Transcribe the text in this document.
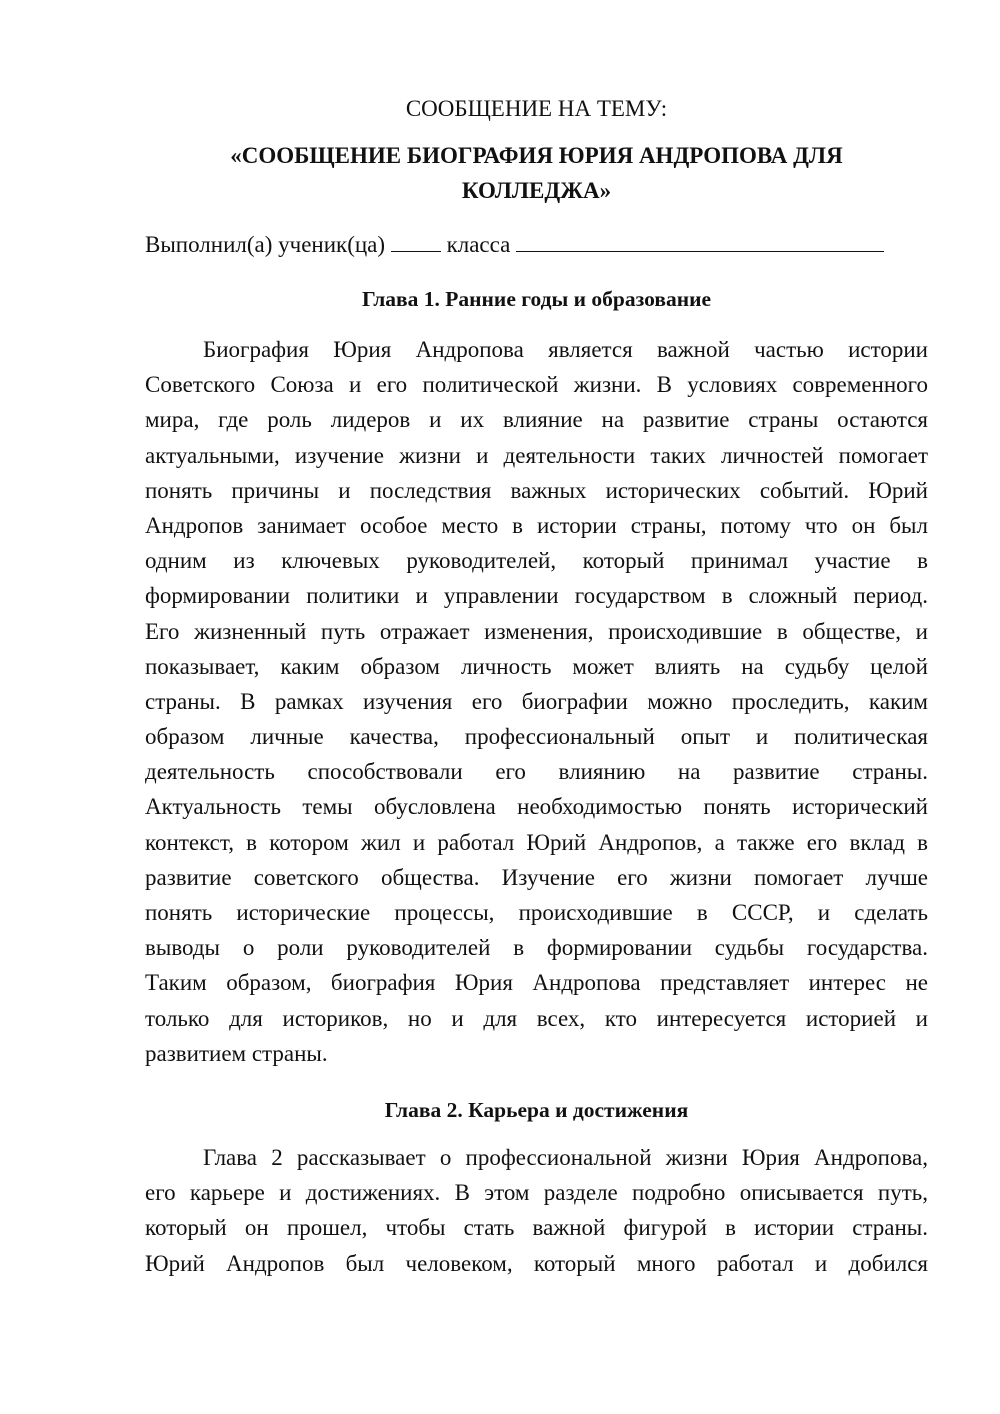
СООБЩЕНИЕ НА ТЕМУ:

«СООБЩЕНИЕ БИОГРАФИЯ ЮРИЯ АНДРОПОВА ДЛЯ
КОЛЛЕДЖА»

Выполнил(а) ученик(ца)	класса

Глава 1. Ранние годы и образование
Биография Юрия Андропова является важной частью истории
Советского Союза и его политической жизни. В условиях современного
мира, где роль лидеров и их влияние на развитие страны остаются
актуальными, изучение жизни и деятельности таких личностей помогает
понять причины и последствия важных исторических событий. Юрий
Андропов занимает особое место в истории страны, потому что он был
одним из ключевых руководителей, который принимал участие в
формировании политики и управлении государством в сложный период.
Его жизненный путь отражает изменения, происходившие в обществе, и
показывает, каким образом личность может влиять на судьбу целой
страны. В рамках изучения его биографии можно проследить, каким
образом личные качества, профессиональный опыт и политическая
деятельность способствовали его влиянию на развитие страны.
Актуальность темы обусловлена необходимостью понять исторический
контекст, в котором жил и работал Юрий Андропов, а также его вклад в
развитие советского общества. Изучение его жизни помогает лучше
понять исторические процессы, происходившие в СССР, и сделать
выводы о роли руководителей в формировании судьбы государства.
Таким образом, биография Юрия Андропова представляет интерес не
только для историков, но и для всех, кто интересуется историей и
развитием страны.
Глава 2. Карьера и достижения
Глава 2 рассказывает о профессиональной жизни Юрия Андропова,
его карьере и достижениях. В этом разделе подробно описывается путь,
который он прошел, чтобы стать важной фигурой в истории страны.
Юрий Андропов был человеком, который много работал и добился
